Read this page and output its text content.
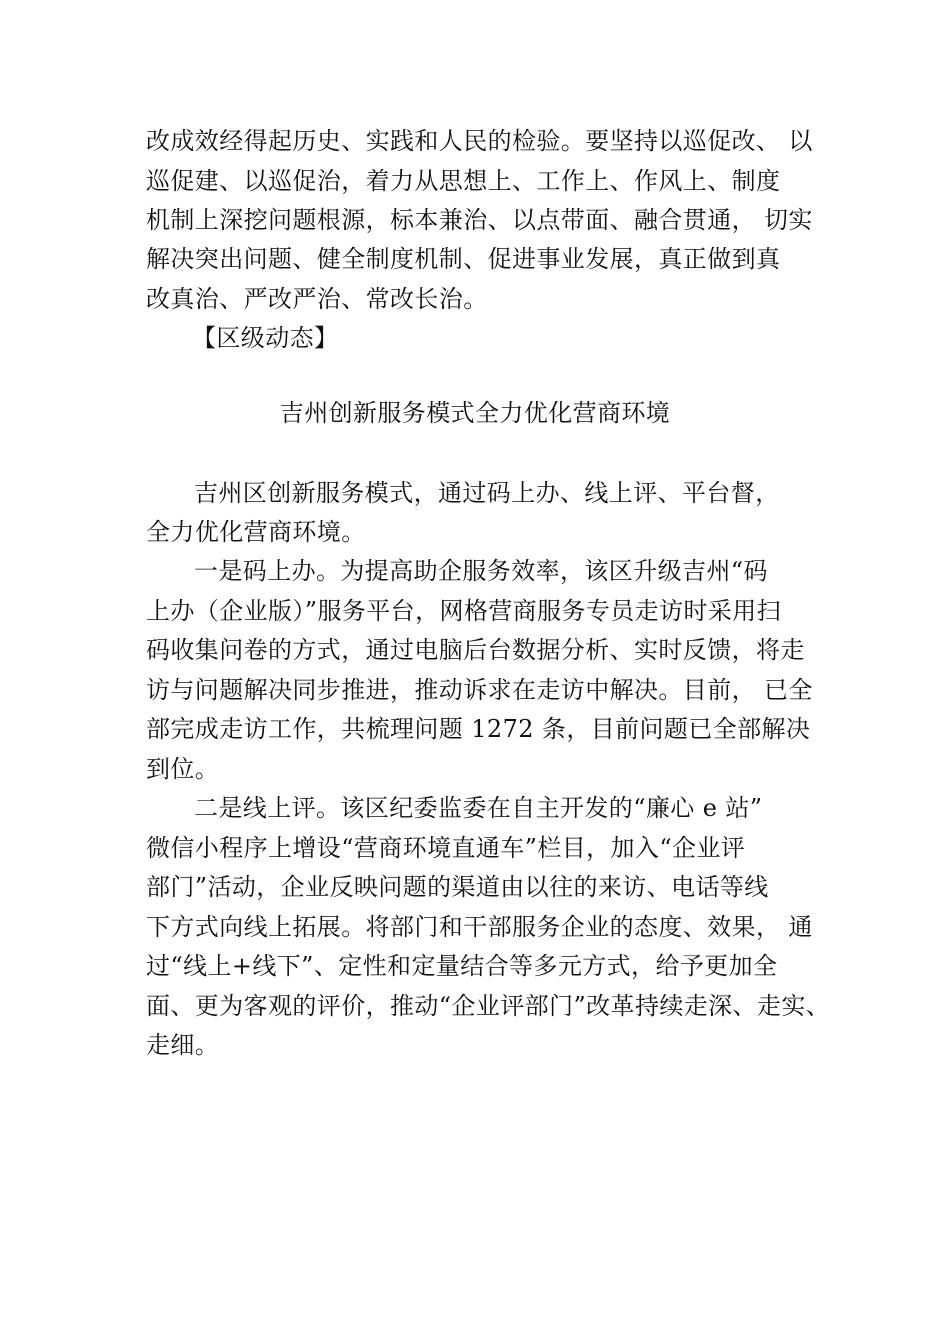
改成效经得起历史、实践和人民的检验。要坚持以巡促改、 以
巡促建、以巡促治，着力从思想上、工作上、作风上、制度
机制上深挖问题根源，标本兼治、以点带面、融合贯通， 切实
解决突出问题、健全制度机制、促进事业发展，真正做到真
改真治、严改严治、常改长治。
【区级动态】
吉州创新服务模式全力优化营商环境
吉州区创新服务模式，通过码上办、线上评、平台督，
全力优化营商环境。
一是码上办。为提高助企服务效率，该区升级吉州“码
上办（企业版）”服务平台，网格营商服务专员走访时采用扫
码收集问卷的方式，通过电脑后台数据分析、实时反馈，将走
访与问题解决同步推进，推动诉求在走访中解决。目前， 已全
部完成走访工作，共梳理问题 1272 条，目前问题已全部解决
到位。
二是线上评。该区纪委监委在自主开发的“廉心 e 站”
微信小程序上增设“营商环境直通车”栏目，加入“企业评
部门”活动，企业反映问题的渠道由以往的来访、电话等线
下方式向线上拓展。将部门和干部服务企业的态度、效果， 通
过“线上+线下”、定性和定量结合等多元方式，给予更加全
面、更为客观的评价，推动“企业评部门”改革持续走深、走实、
走细。
